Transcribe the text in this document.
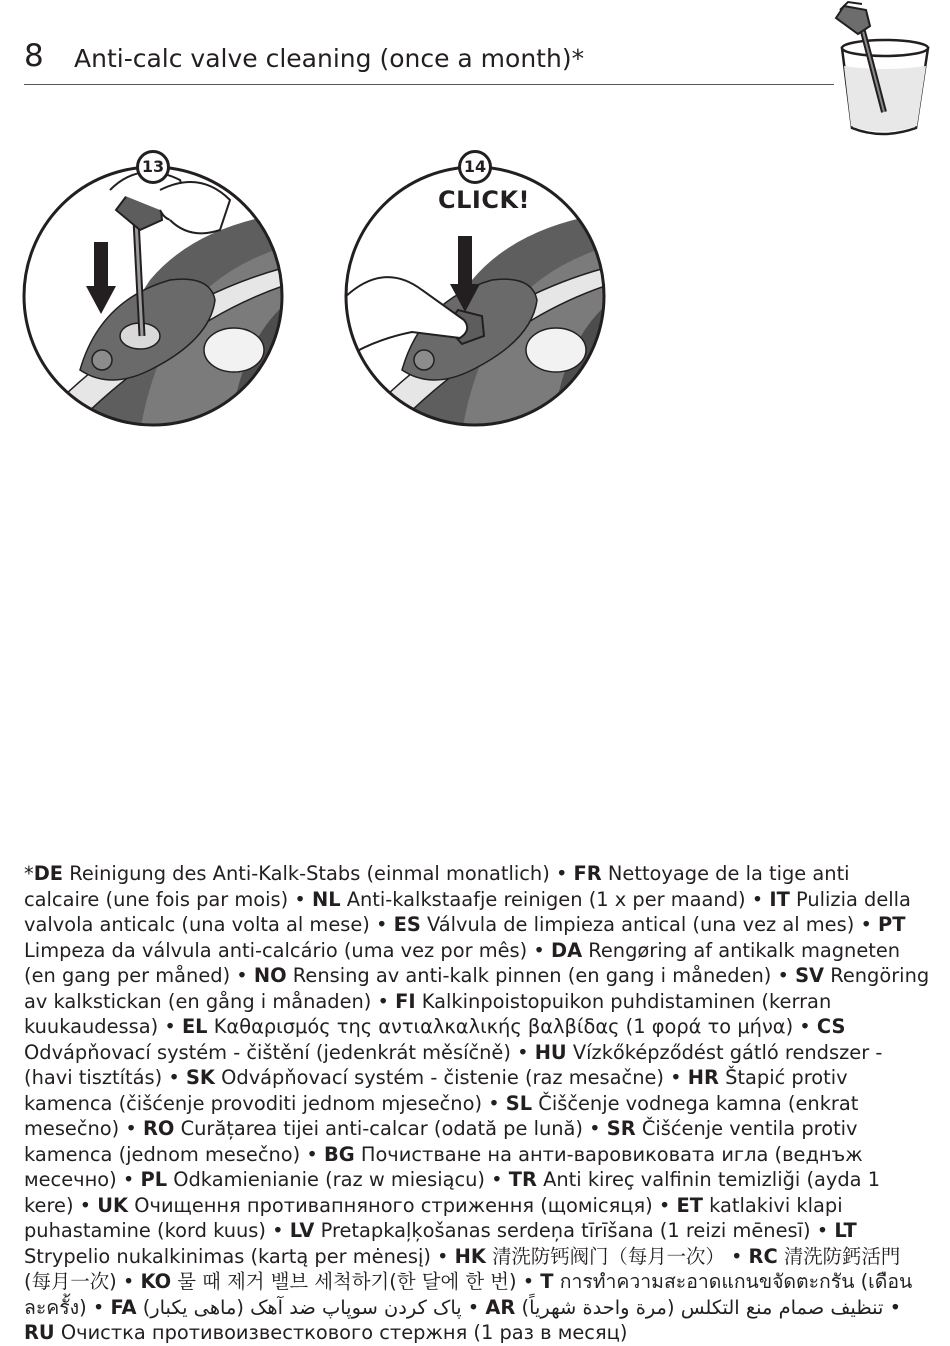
8 Anti-calc valve cleaning (once a month)*
13	14
CLICK!
*DE Reinigung des Anti-Kalk-Stabs (einmal monatlich) • FR Nettoyage de la tige anti calcaire (une fois par mois) • NL Anti-kalkstaafje reinigen (1 x per maand) • IT Pulizia della valvola anticalc (una volta al mese) • ES Válvula de limpieza antical (una vez al mes) • PT Limpeza da válvula anti-calcário (uma vez por mês) • DA Rengøring af antikalk magneten (en gang per måned) • NO Rensing av anti-kalk pinnen (en gang i måneden) • SV Rengöring av kalkstickan (en gång i månaden) • FI Kalkinpoistopuikon puhdistaminen (kerran kuukaudessa) • EL Καθαρισμός της αντιαλκαλικής βαλβίδας (1 φορά το μήνα) • CS Odvápňovací systém - čištění (jedenkrát měsíčně) • HU Vízkőképződést gátló rendszer - (havi tisztítás) • SK Odvápňovací systém - čistenie (raz mesačne) • HR Štapić protiv kamenca (čišćenje provoditi jednom mjesečno) • SL Čiščenje vodnega kamna (enkrat mesečno) • RO Curățarea tijei anti-calcar (odată pe lună) • SR Čišćenje ventila protiv kamenca (jednom mesečno) • BG Почистване на анти-варовиковата игла (веднъж месечно) • PL Odkamienianie (raz w miesiącu) • TR Anti kireç valfinin temizliği (ayda 1 kere) • UK Очищення противапняного стриження (щомісяця) • ET katlakivi klapi puhastamine (kord kuus) • LV Pretapkaļķošanas serdeņa tīrīšana (1 reizi mēnesī) • LT Strypelio nukalkinimas (kartą per mėnesį) • HK 清洗防钙阀门（每月一次） • RC 清洗防鈣活門 (每月一次) • KO 물 때 제거 밸브 세척하기(한 달에 한 번) • T การทำความสะอาดแกนขจัดตะกรัน (เดือนละครั้ง) • FA (ماهی یکبار) پاک کردن سوپاپ ضد آهک • AR (مرة واحدة شهرياً) تنظيف صمام منع التكلس • RU Очистка противоизвесткового стержня (1 раз в месяц)
